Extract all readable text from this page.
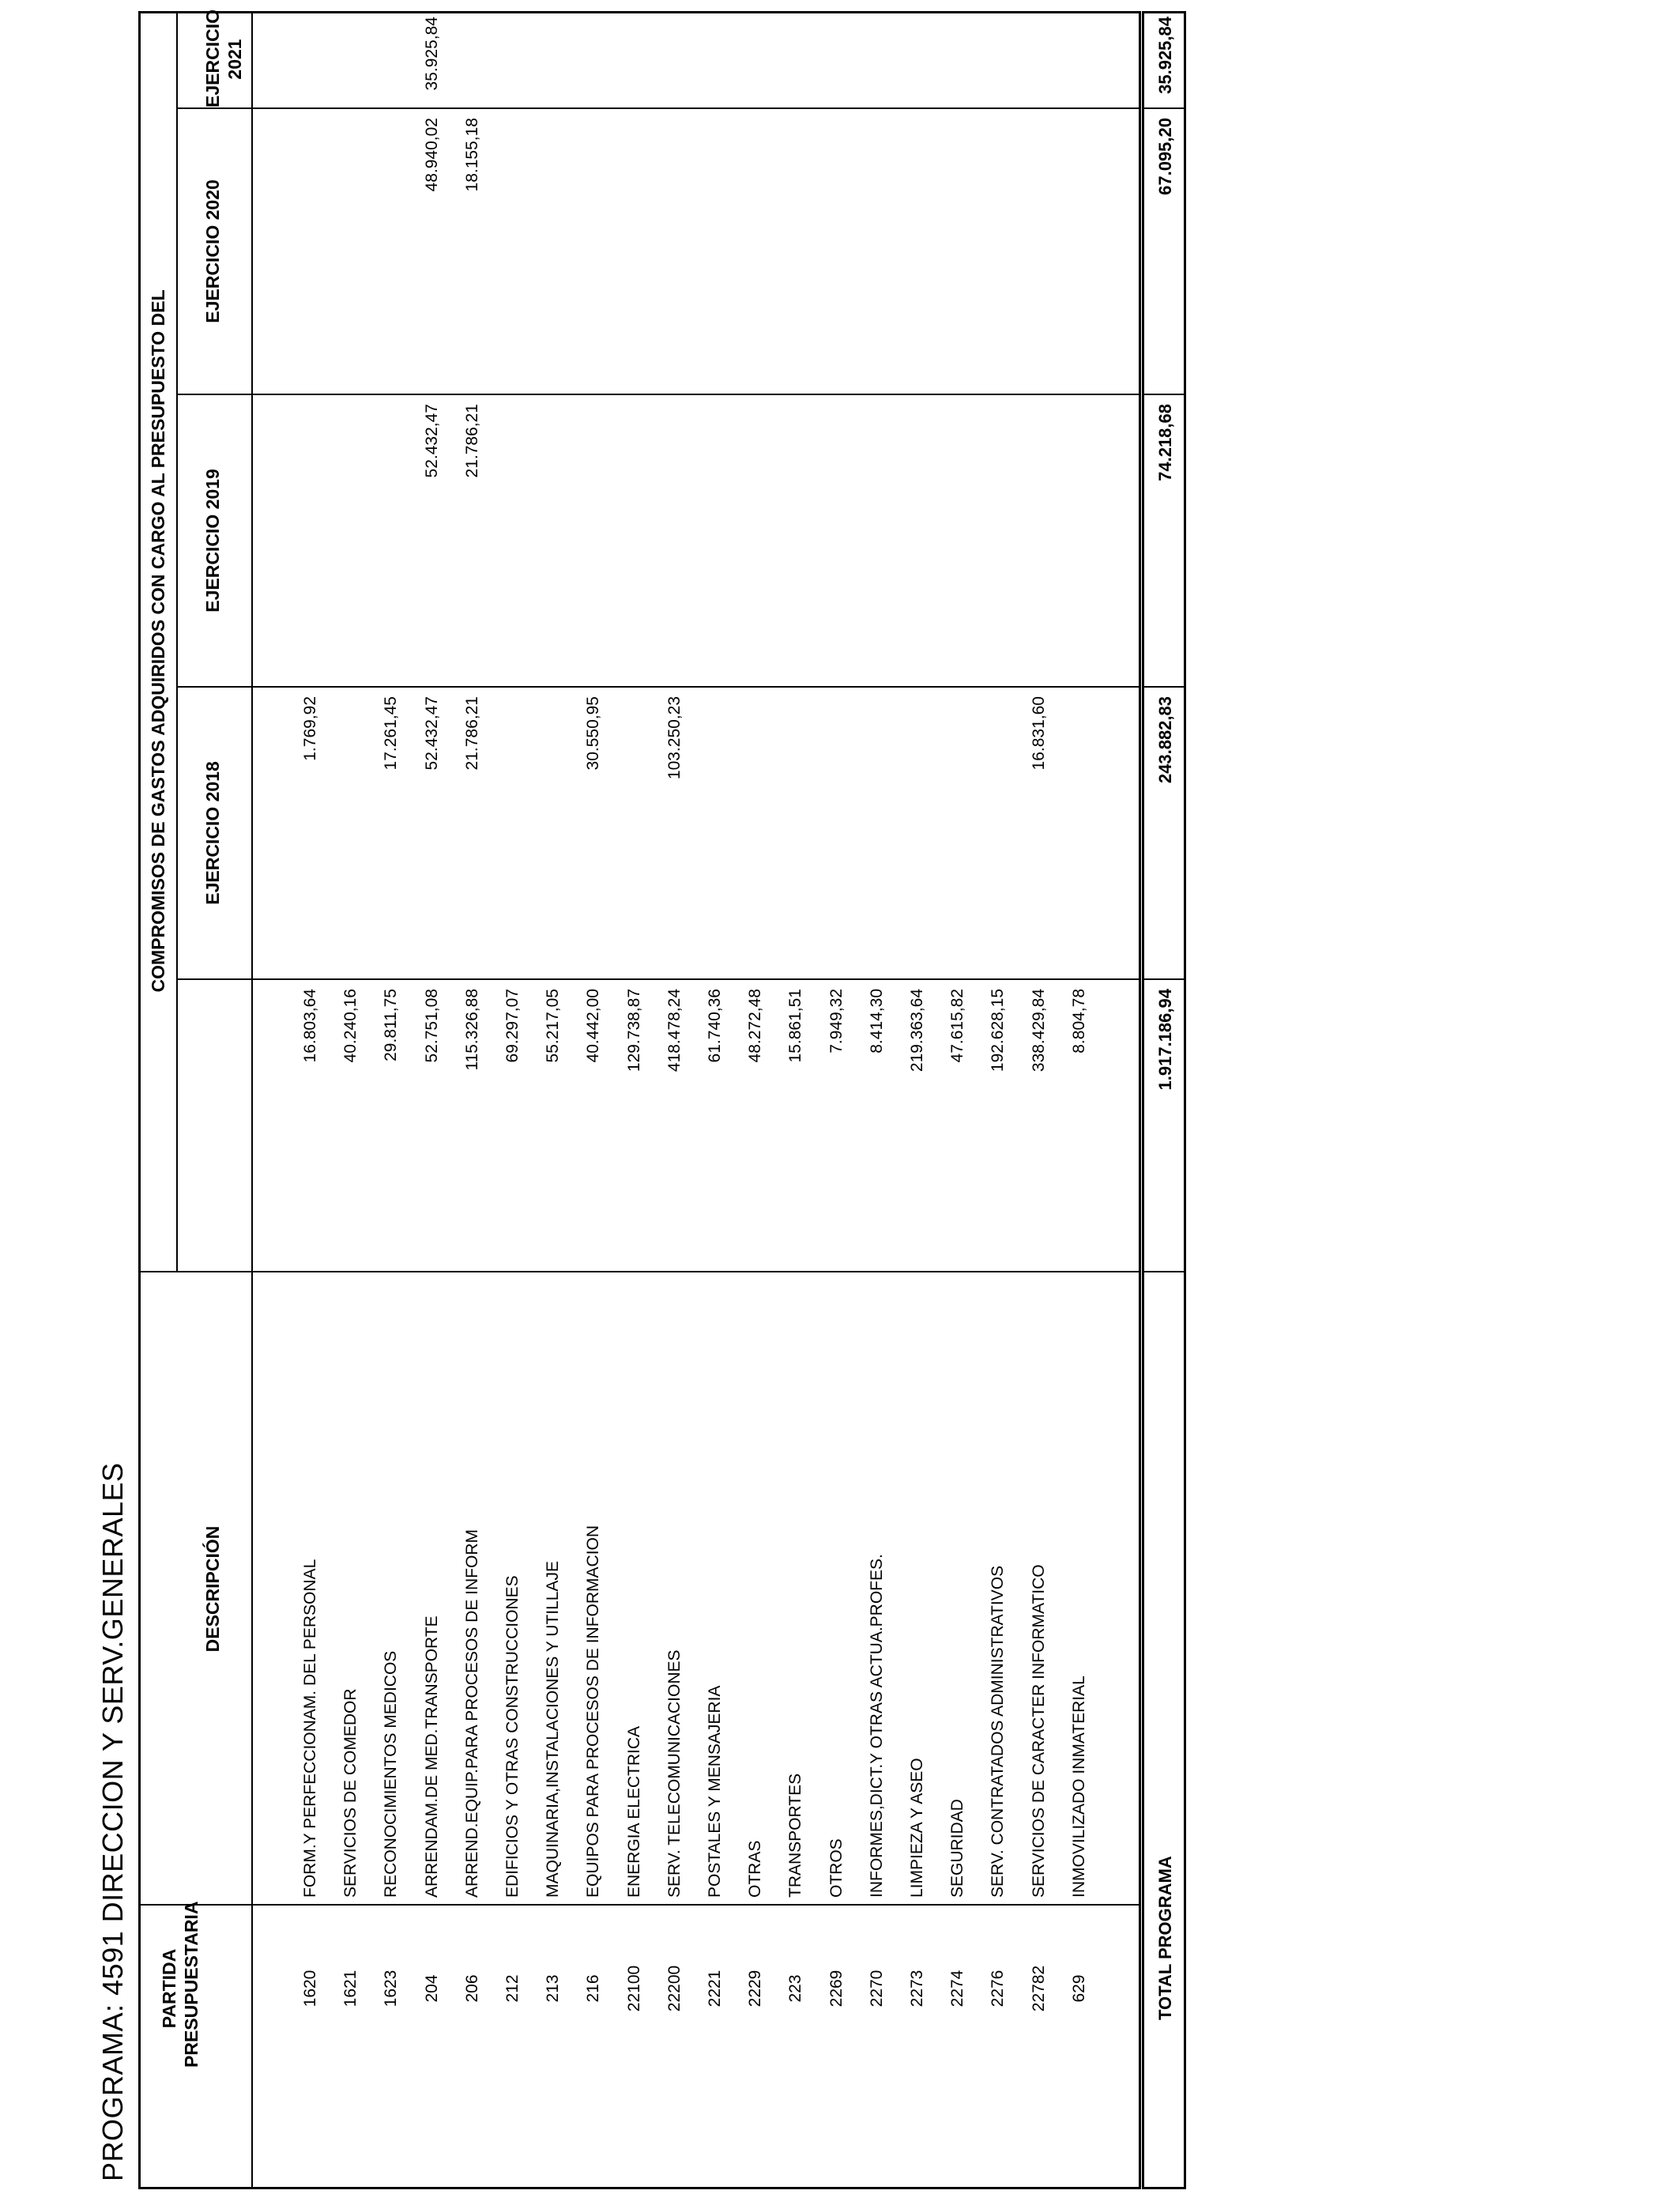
PROGRAMA: 4591 DIRECCION Y SERV.GENERALES PARTIDA PRESUPUESTARIA
DESCRIPCIÓN
COMPROMISOS DE GASTOS ADQUIRIDOS CON CARGO AL PRESUPUESTO DEL EJERCICIO 2018
EJERCICIO 2019
EJERCICIO 2020
EJERCICIO 2021
1620
FORM.Y PERFECCIONAM. DEL PERSONAL
16.803,64
1.769,92
1621
SERVICIOS DE COMEDOR
40.240,16
1623
RECONOCIMIENTOS MEDICOS
29.811,75
17.261,45
204
ARRENDAM.DE MED.TRANSPORTE
52.751,08
52.432,47
52.432,47
48.940,02
35.925,84
206
ARREND.EQUIP.PARA PROCESOS DE INFORM
115.326,88
21.786,21
21.786,21
18.155,18
212
EDIFICIOS Y OTRAS CONSTRUCCIONES
69.297,07
213
MAQUINARIA,INSTALACIONES Y UTILLAJE
55.217,05
216
EQUIPOS PARA PROCESOS DE INFORMACION
40.442,00
30.550,95
22100
ENERGIA ELECTRICA
129.738,87
22200
SERV. TELECOMUNICACIONES
418.478,24
103.250,23
2221
POSTALES Y MENSAJERIA
61.740,36
2229
OTRAS
48.272,48
223
TRANSPORTES
15.861,51
2269
OTROS
7.949,32
2270
INFORMES,DICT.Y OTRAS ACTUA.PROFES.
8.414,30
2273
LIMPIEZA Y ASEO
219.363,64
2274
SEGURIDAD
47.615,82
2276
SERV. CONTRATADOS ADMINISTRATIVOS
192.628,15
22782
SERVICIOS DE CARACTER INFORMATICO
338.429,84
16.831,60
629
INMOVILIZADO INMATERIAL
8.804,78
TOTAL PROGRAMA
1.917.186,94
243.882,83
74.218,68
67.095,20
35.925,84
